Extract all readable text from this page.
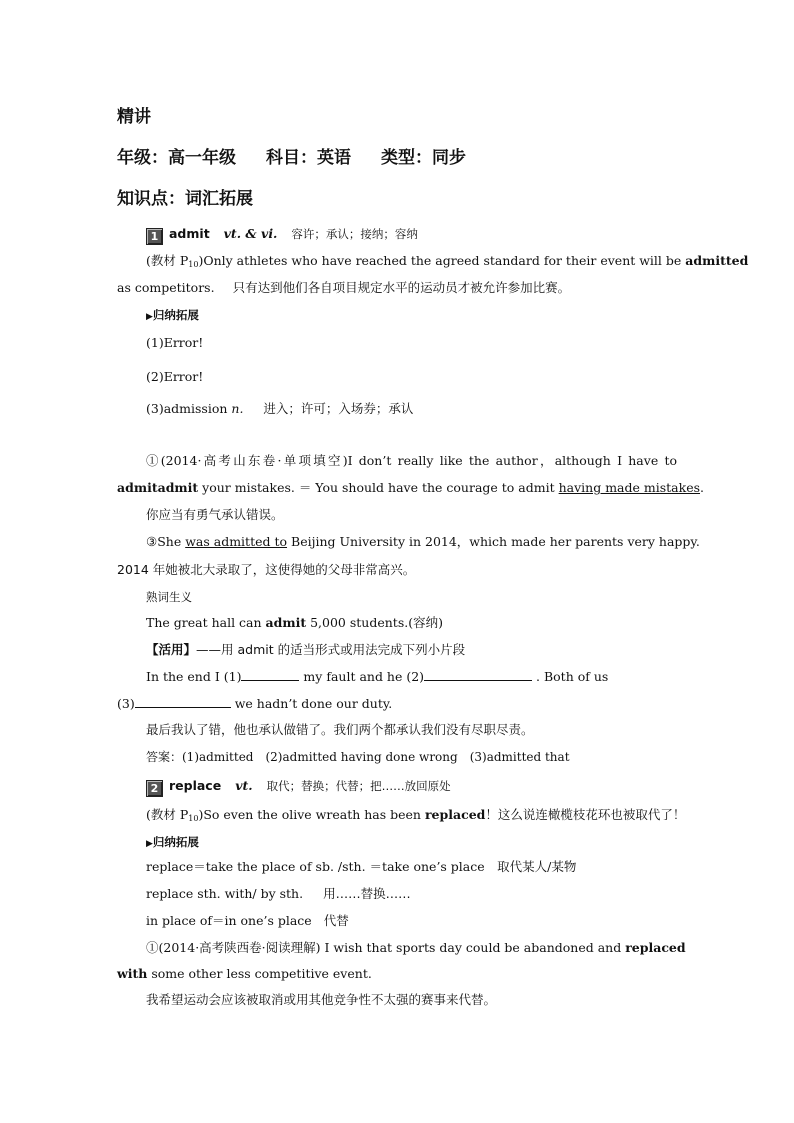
精讲
年级：高一年级 科目：英语 类型：同步
知识点：词汇拓展
1 admit vt. & vi. 容许；承认；接纳；容纳
(教材 $P_{10})Only$ athletes who have reached the agreed standard for their event will be admitted
as competitors. 只有达到他们各自项目规定水平的运动员才被允许参加比赛。
▶归纳拓展
(1)Error!
(2)Error!
(3)admission n. 进入；许可；入场券；承认
①(2014·高考山东卷·单项填空)I don’t really like the author，although I have to
admitadmit your mistakes. ＝ You should have the courage to admit having made mistakes.
你应当有勇气承认错误。
③She was admitted to Beijing University in 2014，which made her parents very happy.
2014 年她被北大录取了，这使得她的父母非常高兴。
熟词生义
The great hall can admit 5,000 students.(容纳)
【活用】——用 admit 的适当形式或用法完成下列小片段
In the end I (1)	my fault and he (2)	. Both of us
(3)	we hadn’t done our duty.
最后我认了错，他也承认做错了。我们两个都承认我们没有尽职尽责。
答案：(1)admitted　(2)admitted having done wrong　(3)admitted that
2 replace vt. 取代；替换；代替；把……放回原处
(教材 $P_{10})So$ even the olive wreath has been replaced！这么说连橄榄枝花环也被取代了！
▶归纳拓展
replace＝take the place of sb. /sth. ＝take one’s place　取代某人/某物
replace sth. with/ by sth. 用……替换……
in place of＝in one’s place 代替
①(2014·高考陕西卷·阅读理解) I wish that sports day could be abandoned and replaced
with some other less competitive event.
我希望运动会应该被取消或用其他竞争性不太强的赛事来代替。
